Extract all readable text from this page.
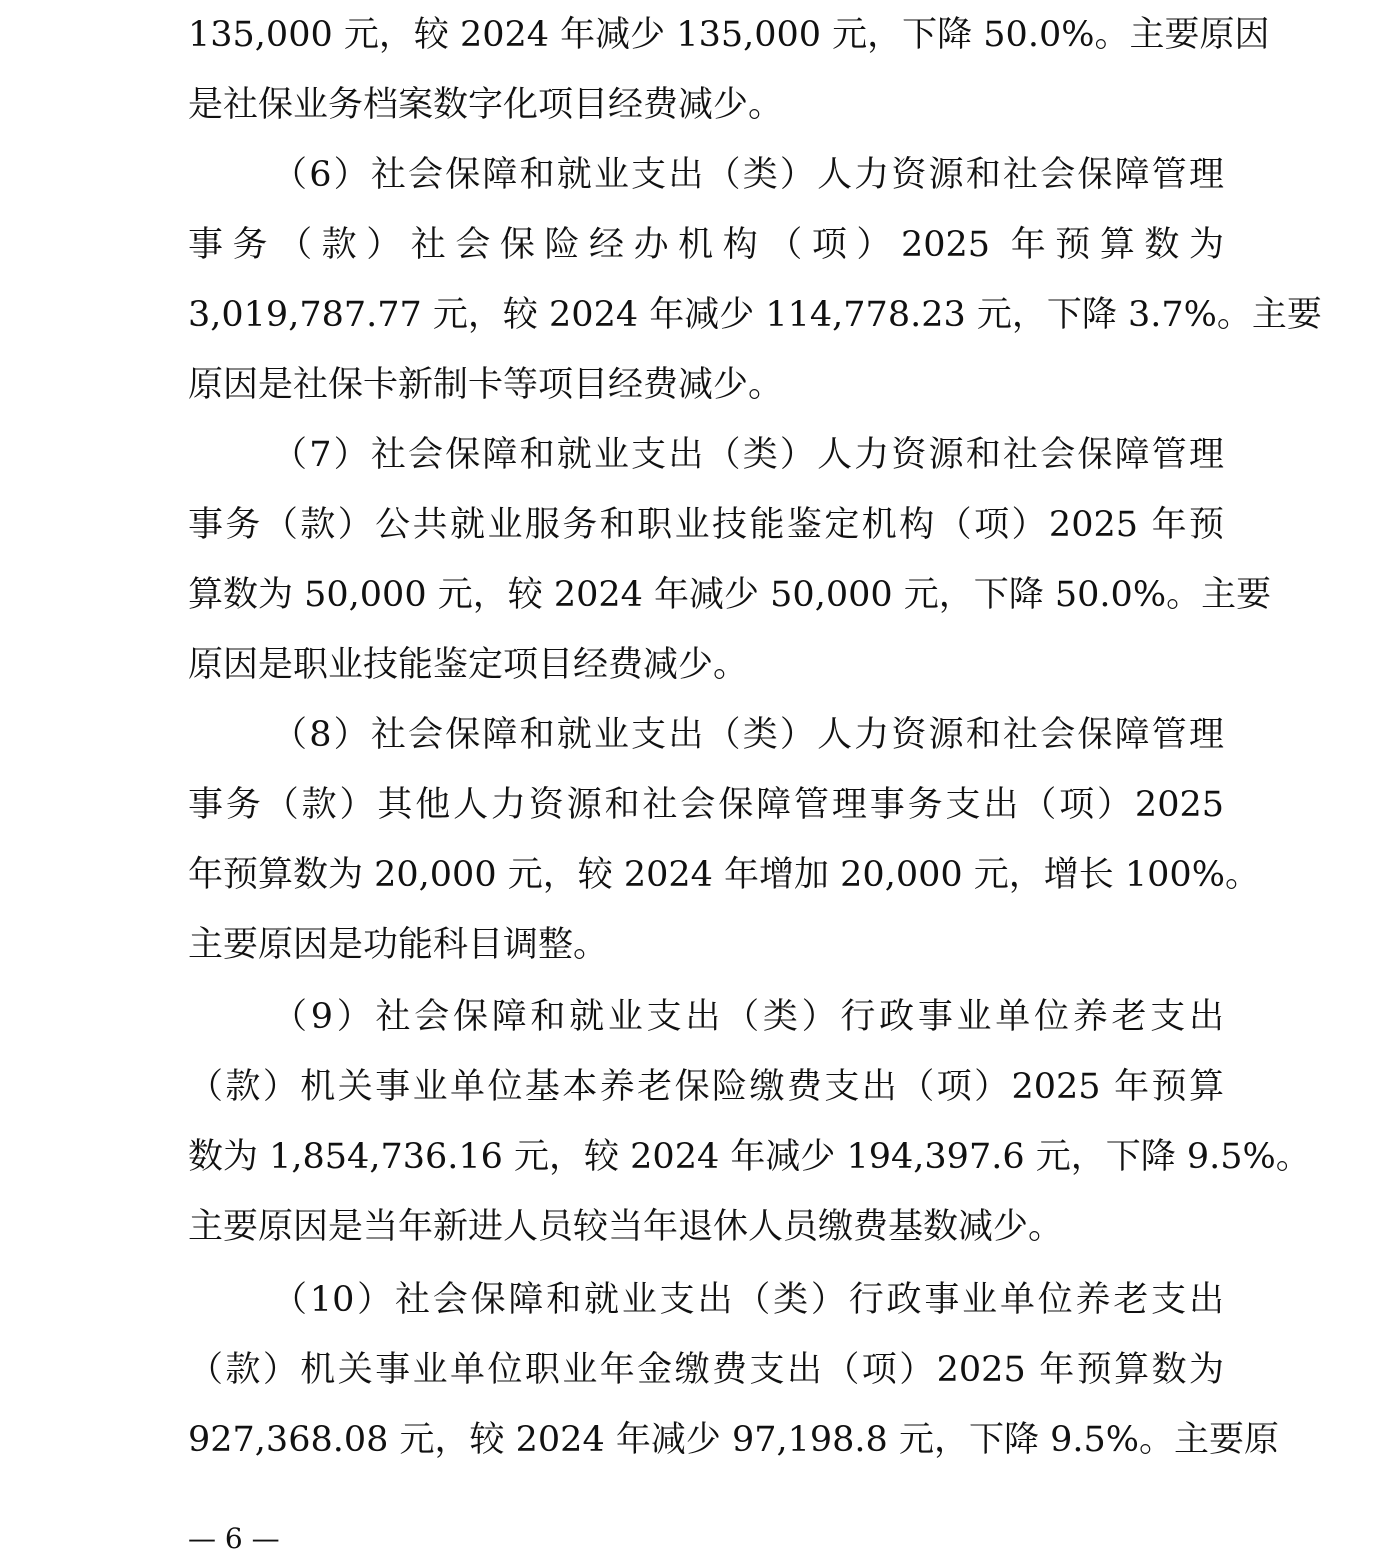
135,000 元，较 2024 年减少 135,000 元，下降 50.0%。主要原因
是社保业务档案数字化项目经费减少。
（6）社会保障和就业支出（类）人力资源和社会保障管理
事务（款）社会保险经办机构（项）2025 年预算数为
3,019,787.77 元，较 2024 年减少 114,778.23 元，下降 3.7%。主要
原因是社保卡新制卡等项目经费减少。
（7）社会保障和就业支出（类）人力资源和社会保障管理
事务（款）公共就业服务和职业技能鉴定机构（项）2025 年预
算数为 50,000 元，较 2024 年减少 50,000 元，下降 50.0%。主要
原因是职业技能鉴定项目经费减少。
（8）社会保障和就业支出（类）人力资源和社会保障管理
事务（款）其他人力资源和社会保障管理事务支出（项）2025
年预算数为 20,000 元，较 2024 年增加 20,000 元，增长 100%。
主要原因是功能科目调整。
（9）社会保障和就业支出（类）行政事业单位养老支出
（款）机关事业单位基本养老保险缴费支出（项）2025 年预算
数为 1,854,736.16 元，较 2024 年减少 194,397.6 元，下降 9.5%。
主要原因是当年新进人员较当年退休人员缴费基数减少。
（10）社会保障和就业支出（类）行政事业单位养老支出
（款）机关事业单位职业年金缴费支出（项）2025 年预算数为
927,368.08 元，较 2024 年减少 97,198.8 元，下降 9.5%。主要原
— 6 —
